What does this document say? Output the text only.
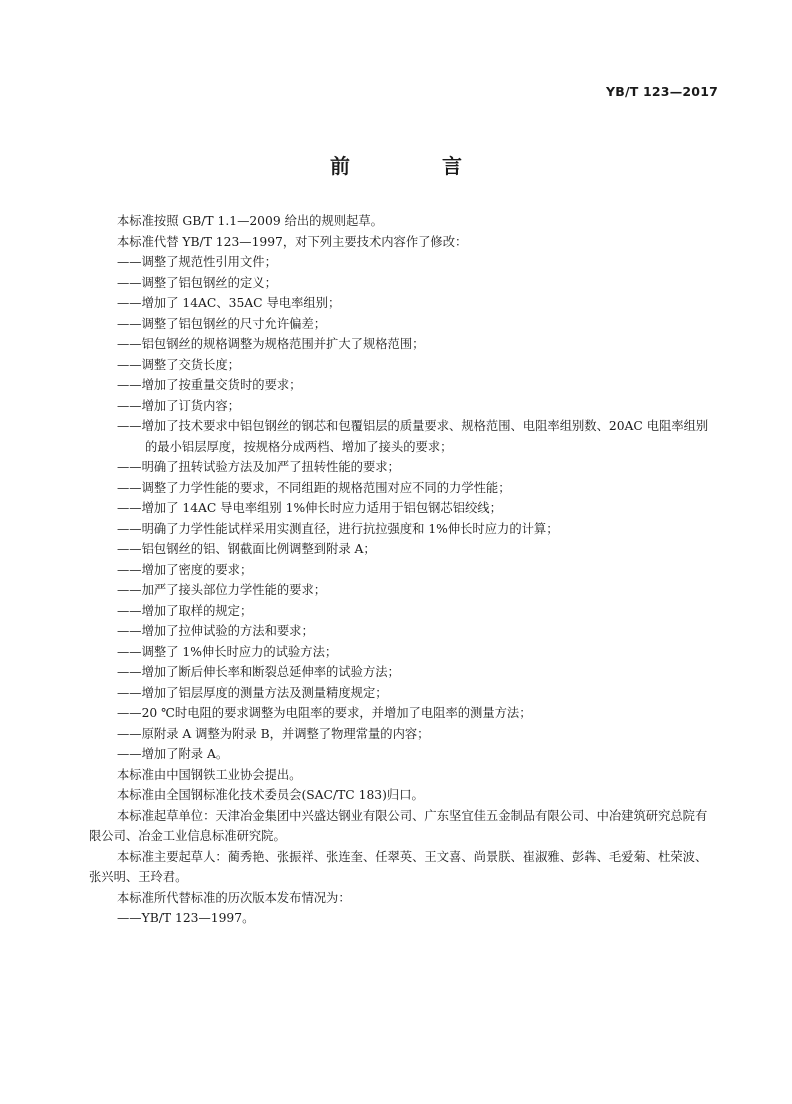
YB/T 123—2017
前　言
本标准按照 GB/T 1.1—2009 给出的规则起草。
本标准代替 YB/T 123—1997，对下列主要技术内容作了修改：
——调整了规范性引用文件；
——调整了铝包钢丝的定义；
——增加了 14AC、35AC 导电率组别；
——调整了铝包钢丝的尺寸允许偏差；
——铝包钢丝的规格调整为规格范围并扩大了规格范围；
——调整了交货长度；
——增加了按重量交货时的要求；
——增加了订货内容；
——增加了技术要求中铝包钢丝的钢芯和包覆铝层的质量要求、规格范围、电阻率组别数、20AC 电阻率组别的最小铝层厚度，按规格分成两档、增加了接头的要求；
——明确了扭转试验方法及加严了扭转性能的要求；
——调整了力学性能的要求，不同组距的规格范围对应不同的力学性能；
——增加了 14AC 导电率组别 1%伸长时应力适用于铝包钢芯铝绞线；
——明确了力学性能试样采用实测直径，进行抗拉强度和 1%伸长时应力的计算；
——铝包钢丝的铝、钢截面比例调整到附录 A；
——增加了密度的要求；
——加严了接头部位力学性能的要求；
——增加了取样的规定；
——增加了拉伸试验的方法和要求；
——调整了 1%伸长时应力的试验方法；
——增加了断后伸长率和断裂总延伸率的试验方法；
——增加了铝层厚度的测量方法及测量精度规定；
——20 ℃时电阻的要求调整为电阻率的要求，并增加了电阻率的测量方法；
——原附录 A 调整为附录 B，并调整了物理常量的内容；
——增加了附录 A。
本标准由中国钢铁工业协会提出。
本标准由全国钢标准化技术委员会(SAC/TC 183)归口。
本标准起草单位：天津冶金集团中兴盛达钢业有限公司、广东坚宜佳五金制品有限公司、中冶建筑研究总院有限公司、冶金工业信息标准研究院。
本标准主要起草人：蔺秀艳、张振祥、张连奎、任翠英、王文喜、尚景朕、崔淑雅、彭犇、毛爱菊、杜荣波、张兴明、王玲君。
本标准所代替标准的历次版本发布情况为：
——YB/T 123—1997。
